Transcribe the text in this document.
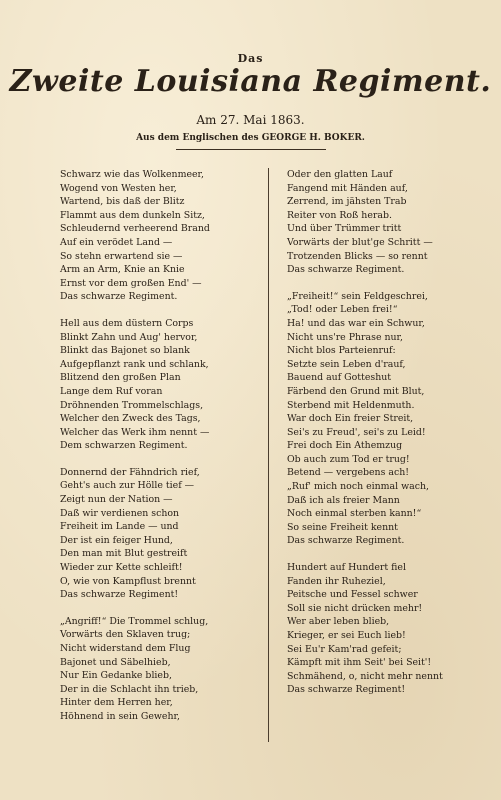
Das
Zweite Louisiana Regiment.
Am 27. Mai 1863.
Aus dem Englischen des GEORGE H. BOKER.
Schwarz wie das Wolkenmeer,
Wogend von Westen her,
Wartend, bis daß der Blitz
Flammt aus dem dunkeln Sitz,
Schleudernd verheerend Brand
Auf ein verödet Land —
So stehn erwartend sie —
Arm an Arm, Knie an Knie
Ernst vor dem großen End' —
Das schwarze Regiment.
Hell aus dem düstern Corps
Blinkt Zahn und Aug' hervor,
Blinkt das Bajonet so blank
Aufgepflanzt rank und schlank,
Blitzend den großen Plan
Lange dem Ruf voran
Dröhnenden Trommelschlags,
Welcher den Zweck des Tags,
Welcher das Werk ihm nennt —
Dem schwarzen Regiment.
Donnernd der Fähndrich rief,
Geht's auch zur Hölle tief —
Zeigt nun der Nation —
Daß wir verdienen schon
Freiheit im Lande — und
Der ist ein feiger Hund,
Den man mit Blut gestreift
Wieder zur Kette schleift!
O, wie von Kampflust brennt
Das schwarze Regiment!
„Angriff!“ Die Trommel schlug,
Vorwärts den Sklaven trug;
Nicht widerstand dem Flug
Bajonet und Säbelhieb,
Nur Ein Gedanke blieb,
Der in die Schlacht ihn trieb,
Hinter dem Herren her,
Höhnend in sein Gewehr,
Oder den glatten Lauf
Fangend mit Händen auf,
Zerrend, im jähsten Trab
Reiter von Roß herab.
Und über Trümmer tritt
Vorwärts der blut'ge Schritt —
Trotzenden Blicks — so rennt
Das schwarze Regiment.
„Freiheit!“ sein Feldgeschrei,
„Tod! oder Leben frei!“
Ha! und das war ein Schwur,
Nicht uns're Phrase nur,
Nicht blos Parteienruf:
Setzte sein Leben d'rauf,
Bauend auf Gotteshut
Färbend den Grund mit Blut,
Sterbend mit Heldenmuth.
War doch Ein freier Streit,
Sei's zu Freud', sei's zu Leid!
Frei doch Ein Athemzug
Ob auch zum Tod er trug!
Betend — vergebens ach!
„Ruf' mich noch einmal wach,
Daß ich als freier Mann
Noch einmal sterben kann!“
So seine Freiheit kennt
Das schwarze Regiment.
Hundert auf Hundert fiel
Fanden ihr Ruheziel,
Peitsche und Fessel schwer
Soll sie nicht drücken mehr!
Wer aber leben blieb,
Krieger, er sei Euch lieb!
Sei Eu'r Kam'rad gefeit;
Kämpft mit ihm Seit' bei Seit'!
Schmähend, o, nicht mehr nennt
Das schwarze Regiment!
